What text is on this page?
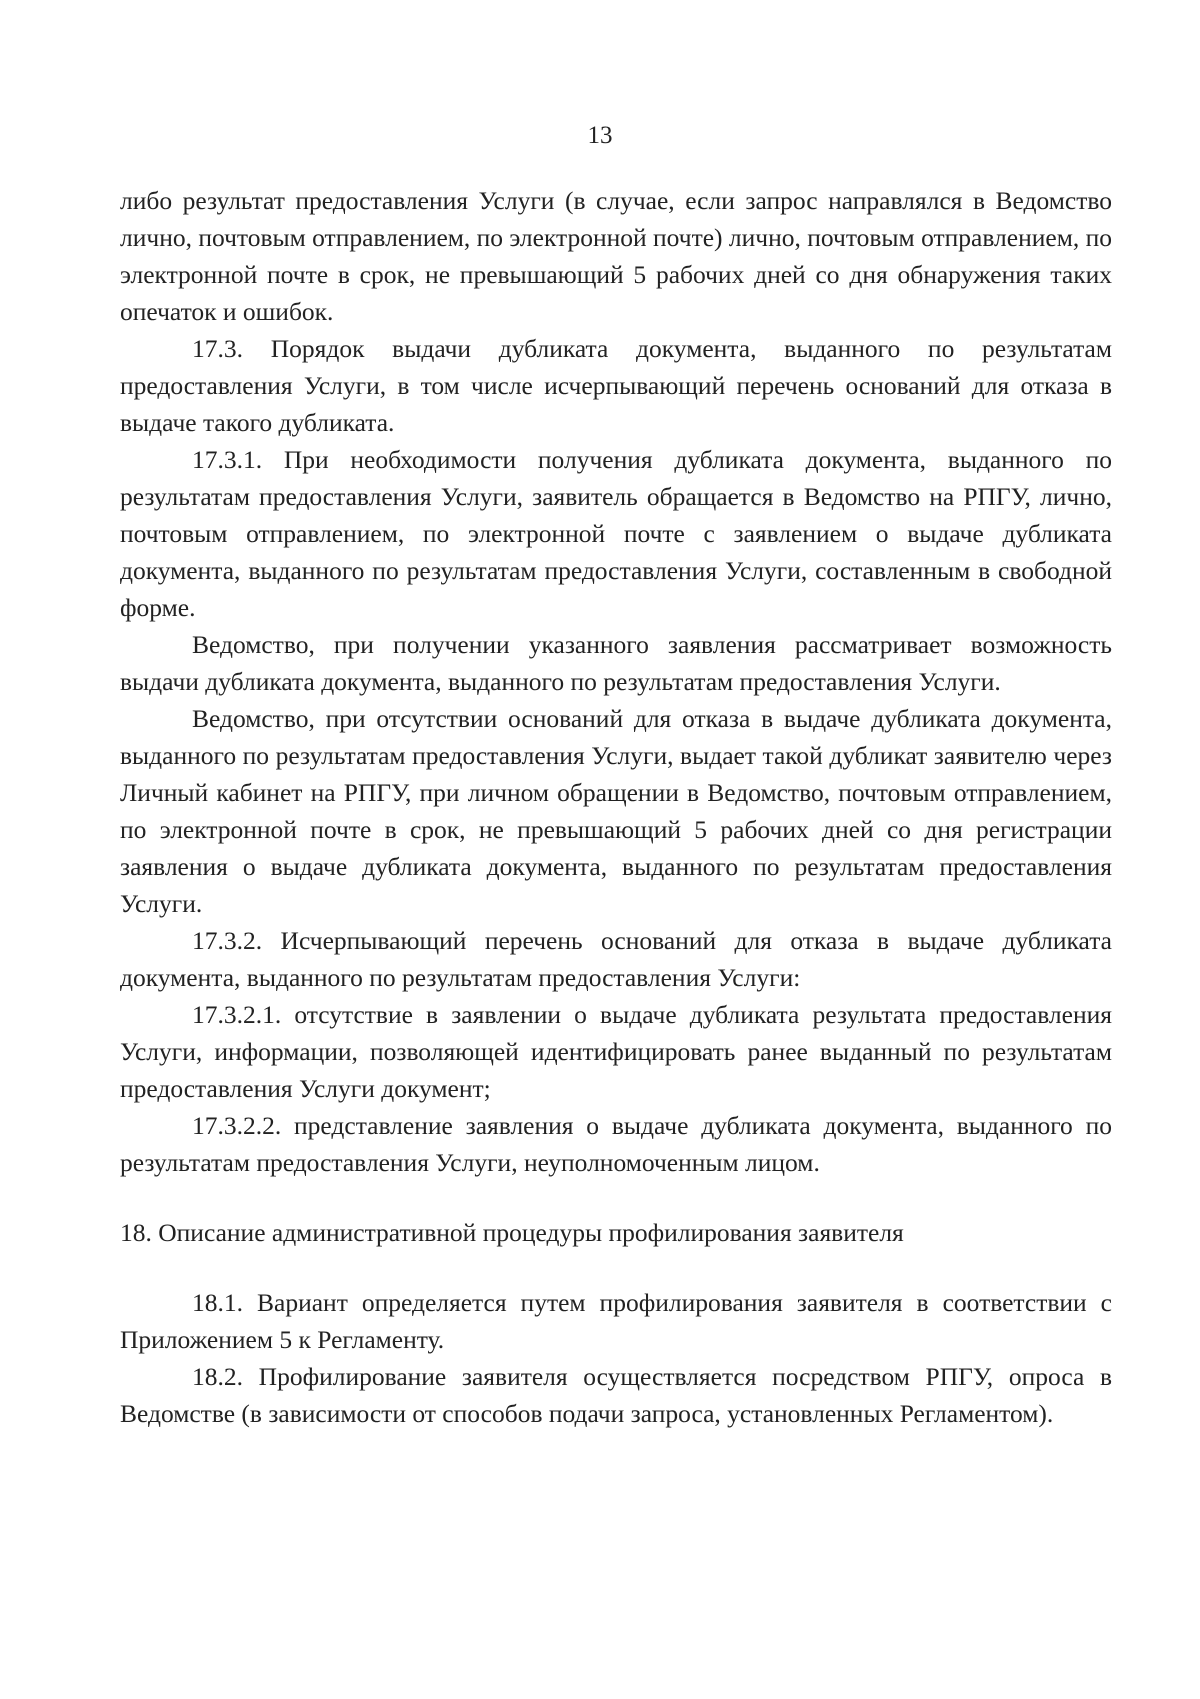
13

либо результат предоставления Услуги (в случае, если запрос направлялся в Ведомство лично, почтовым отправлением, по электронной почте) лично, почтовым отправлением, по электронной почте в срок, не превышающий 5 рабочих дней со дня обнаружения таких опечаток и ошибок.

17.3. Порядок выдачи дубликата документа, выданного по результатам предоставления Услуги, в том числе исчерпывающий перечень оснований для отказа в выдаче такого дубликата.

17.3.1. При необходимости получения дубликата документа, выданного по результатам предоставления Услуги, заявитель обращается в Ведомство на РПГУ, лично, почтовым отправлением, по электронной почте с заявлением о выдаче дубликата документа, выданного по результатам предоставления Услуги, составленным в свободной форме.

Ведомство, при получении указанного заявления рассматривает возможность выдачи дубликата документа, выданного по результатам предоставления Услуги.

Ведомство, при отсутствии оснований для отказа в выдаче дубликата документа, выданного по результатам предоставления Услуги, выдает такой дубликат заявителю через Личный кабинет на РПГУ, при личном обращении в Ведомство, почтовым отправлением, по электронной почте в срок, не превышающий 5 рабочих дней со дня регистрации заявления о выдаче дубликата документа, выданного по результатам предоставления Услуги.

17.3.2. Исчерпывающий перечень оснований для отказа в выдаче дубликата документа, выданного по результатам предоставления Услуги:

17.3.2.1. отсутствие в заявлении о выдаче дубликата результата предоставления Услуги, информации, позволяющей идентифицировать ранее выданный по результатам предоставления Услуги документ;

17.3.2.2. представление заявления о выдаче дубликата документа, выданного по результатам предоставления Услуги, неуполномоченным лицом.

18. Описание административной процедуры профилирования заявителя

18.1. Вариант определяется путем профилирования заявителя в соответствии с Приложением 5 к Регламенту.

18.2. Профилирование заявителя осуществляется посредством РПГУ, опроса в Ведомстве (в зависимости от способов подачи запроса, установленных Регламентом).
